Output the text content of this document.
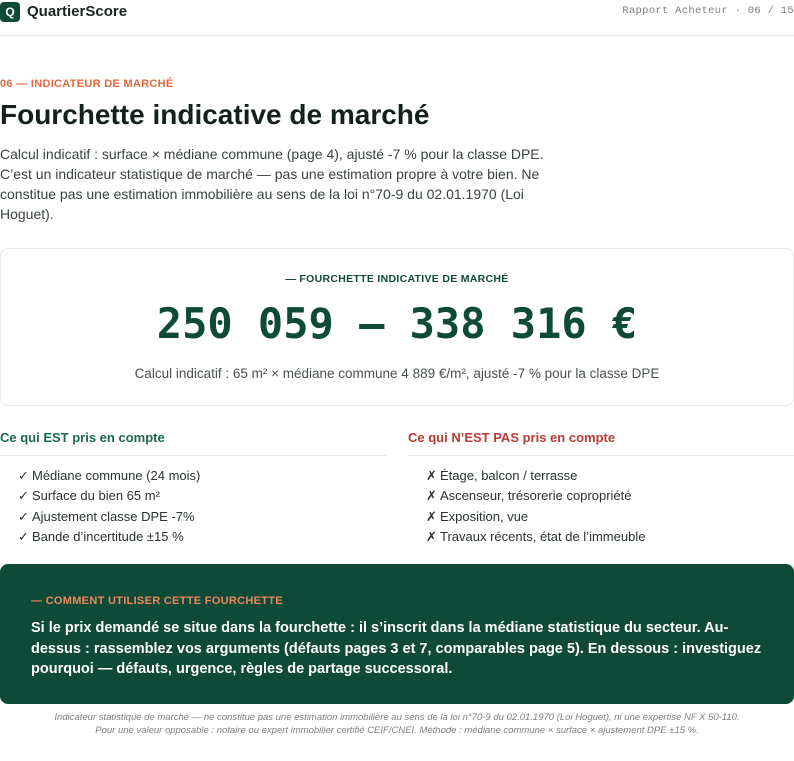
Q QuartierScore	Rapport Acheteur · 06 / 15
06 — INDICATEUR DE MARCHÉ
Fourchette indicative de marché

Calcul indicatif : surface × médiane commune (page 4), ajusté -7 % pour la classe DPE. C’est un indicateur statistique de marché — pas une estimation propre à votre bien. Ne constitue pas une estimation immobilière au sens de la loi n°70-9 du 02.01.1970 (Loi Hoguet).

— FOURCHETTE INDICATIVE DE MARCHÉ
250 059 — 338 316 €
Calcul indicatif : 65 m² × médiane commune 4 889 €/m², ajusté -7 % pour la classe DPE
Ce qui EST pris en compte
✓ Médiane commune (24 mois)
✓ Surface du bien 65 m²
✓ Ajustement classe DPE -7%
✓ Bande d’incertitude ±15 %
Ce qui N’EST PAS pris en compte
✗ Étage, balcon / terrasse
✗ Ascenseur, trésorerie copropriété
✗ Exposition, vue
✗ Travaux récents, état de l’immeuble
— COMMENT UTILISER CETTE FOURCHETTE

Si le prix demandé se situe dans la fourchette : il s’inscrit dans la médiane statistique du secteur. Au-dessus : rassemblez vos arguments (défauts pages 3 et 7, comparables page 5). En dessous : investiguez pourquoi — défauts, urgence, règles de partage successoral.

Indicateur statistique de marché — ne constitue pas une estimation immobilière au sens de la loi n°70-9 du 02.01.1970 (Loi Hoguet), ni une expertise NF X 50-110.
Pour une valeur opposable : notaire ou expert immobilier certifié CEIF/CNEI. Méthode : médiane commune × surface × ajustement DPE ±15 %.
